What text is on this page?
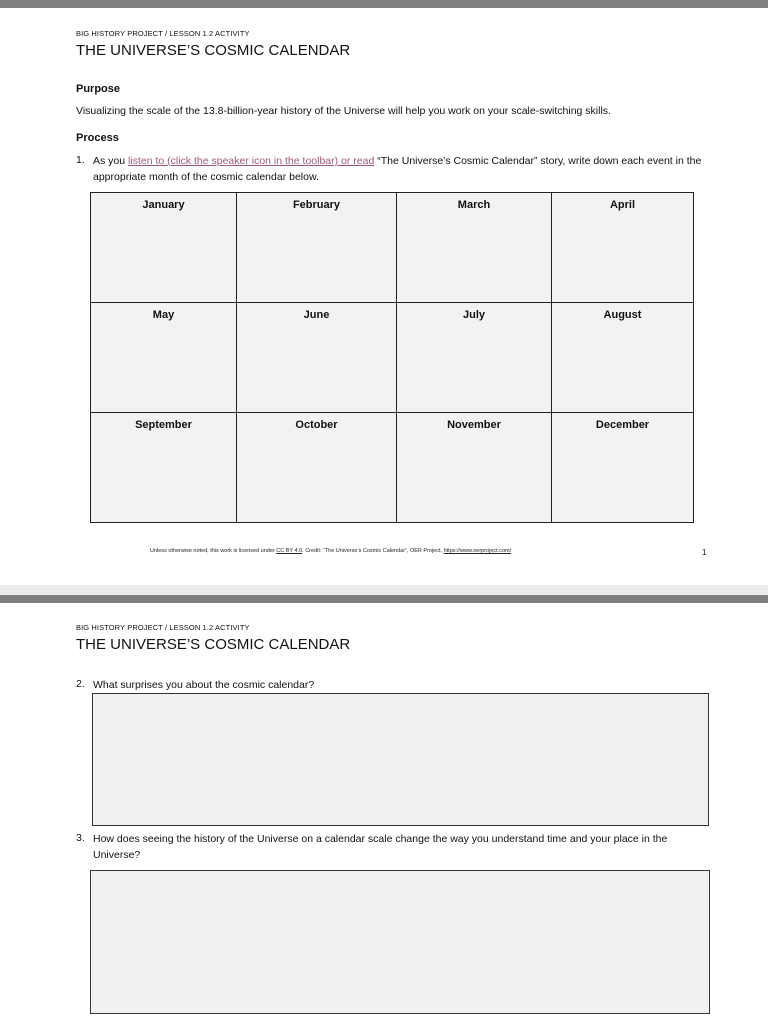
BIG HISTORY PROJECT / LESSON 1.2 ACTIVITY
THE UNIVERSE’S COSMIC CALENDAR
Purpose
Visualizing the scale of the 13.8-billion-year history of the Universe will help you work on your scale-switching skills.
Process
1. As you listen to (click the speaker icon in the toolbar) or read “The Universe’s Cosmic Calendar” story, write down each event in the appropriate month of the cosmic calendar below.
January	February	March	April
May	June	July	August
September	October	November	December
Unless otherwise noted, this work is licensed under CC BY 4.0. Credit: “The Universe’s Cosmic Calendar”, OER Project, https://www.oerproject.com/	1
BIG HISTORY PROJECT / LESSON 1.2 ACTIVITY
THE UNIVERSE’S COSMIC CALENDAR
2. What surprises you about the cosmic calendar?
3. How does seeing the history of the Universe on a calendar scale change the way you understand time and your place in the Universe?
